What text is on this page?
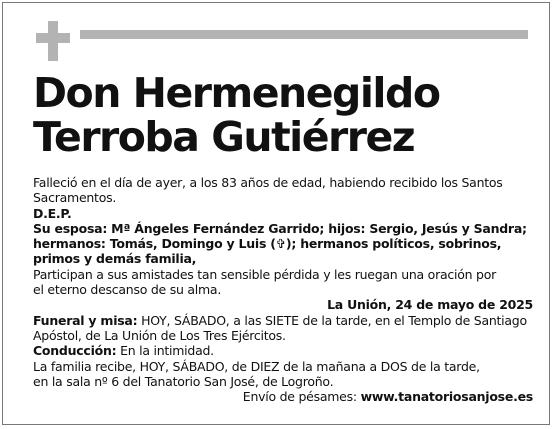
Don Hermenegildo
Terroba Gutiérrez

Falleció en el día de ayer, a los 83 años de edad, habiendo recibido los Santos

Sacramentos.

D.E.P.

Su esposa: Mª Ángeles Fernández Garrido; hijos: Sergio, Jesús y Sandra;

hermanos: Tomás, Domingo y Luis (✞); hermanos políticos, sobrinos,

primos y demás familia,

Participan a sus amistades tan sensible pérdida y les ruegan una oración por

el eterno descanso de su alma.

La Unión, 24 de mayo de 2025

Funeral y misa: HOY, SÁBADO, a las SIETE de la tarde, en el Templo de Santiago

Apóstol, de La Unión de Los Tres Ejércitos.

Conducción: En la intimidad.

La familia recibe, HOY, SÁBADO, de DIEZ de la mañana a DOS de la tarde,

en la sala nº 6 del Tanatorio San José, de Logroño.

Envío de pésames: www.tanatoriosanjose.es
